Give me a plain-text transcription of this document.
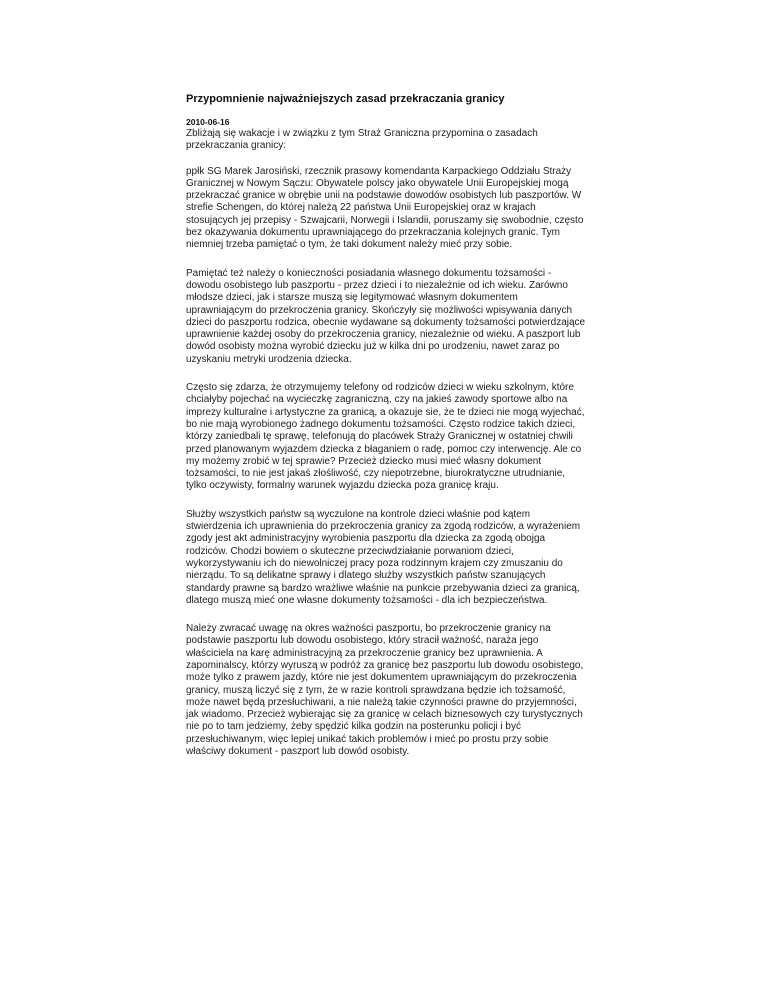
Przypomnienie najważniejszych zasad przekraczania granicy
2010-06-16

Zbliżają się wakacje i w związku z tym Straż Graniczna przypomina o zasadach przekraczania granicy:

ppłk SG Marek Jarosiński, rzecznik prasowy komendanta Karpackiego Oddziału Straży Granicznej w Nowym Sączu: Obywatele polscy jako obywatele Unii Europejskiej mogą przekraczać granice w obrębie unii na podstawie dowodów osobistych lub paszportów. W strefie Schengen, do której należą 22 państwa Unii Europejskiej oraz w krajach stosujących jej przepisy - Szwajcarii, Norwegii i Islandii, poruszamy się swobodnie, często bez okazywania dokumentu uprawniającego do przekraczania kolejnych granic. Tym niemniej trzeba pamiętać o tym, że taki dokument należy mieć przy sobie.

Pamiętać też należy o konieczności posiadania własnego dokumentu tożsamości - dowodu osobistego lub paszportu - przez dzieci i to niezależnie od ich wieku. Zarówno młodsze dzieci, jak i starsze muszą się legitymować własnym dokumentem uprawniającym do przekroczenia granicy. Skończyły się możliwości wpisywania danych dzieci do paszportu rodzica, obecnie wydawane są dokumenty tożsamości potwierdzające uprawnienie każdej osoby do przekroczenia granicy, niezależnie od wieku. A paszport lub dowód osobisty można wyrobić dziecku już w kilka dni po urodzeniu, nawet zaraz po uzyskaniu metryki urodzenia dziecka.

Często się zdarza, że otrzymujemy telefony od rodziców dzieci w wieku szkolnym, które chciałyby pojechać na wycieczkę zagraniczną, czy na jakieś zawody sportowe albo na imprezy kulturalne i artystyczne za granicą, a okazuje sie, że te dzieci nie mogą wyjechać, bo nie mają wyrobionego żadnego dokumentu tożsamości. Często rodzice takich dzieci, którzy zaniedbali tę sprawę, telefonują do placówek Straży Granicznej w ostatniej chwili przed planowanym wyjazdem dziecka z błaganiem o radę, pomoc czy interwencję. Ale co my możemy zrobić w tej sprawie? Przecież dziecko musi mieć własny dokument tożsamości, to nie jest jakaś złośliwość, czy niepotrzebne, biurokratyczne utrudnianie, tylko oczywisty, formalny warunek wyjazdu dziecka poza granicę kraju.

Służby wszystkich państw są wyczulone na kontrole dzieci właśnie pod kątem stwierdzenia ich uprawnienia do przekroczenia granicy za zgodą rodziców, a wyrażeniem zgody jest akt administracyjny wyrobienia paszportu dla dziecka za zgodą obojga rodziców. Chodzi bowiem o skuteczne przeciwdziałanie porwaniom dzieci, wykorzystywaniu ich do niewolniczej pracy poza rodzinnym krajem czy zmuszaniu do nierządu. To są delikatne sprawy i dlatego służby wszystkich państw szanujących standardy prawne są bardzo wrażliwe właśnie na punkcie przebywania dzieci za granicą, dlatego muszą mieć one własne dokumenty tożsamości - dla ich bezpieczeństwa.

Należy zwracać uwagę na okres ważności paszportu, bo przekroczenie granicy na podstawie paszportu lub dowodu osobistego, który stracił ważność, naraża jego właściciela na karę administracyjną za przekroczenie granicy bez uprawnienia. A zapominalscy, którzy wyruszą w podróż za granicę bez paszportu lub dowodu osobistego, może tylko z prawem jazdy, które nie jest dokumentem uprawniającym do przekroczenia granicy, muszą liczyć się z tym, że w razie kontroli sprawdzana będzie ich tożsamość, może nawet będą przesłuchiwani, a nie należą takie czynności prawne do przyjemności, jak wiadomo. Przecież wybierając się za granicę w celach biznesowych czy turystycznych nie po to tam jedziemy, żeby spędzić kilka godzin na posterunku policji i być przesłuchiwanym, więc lepiej unikać takich problemów i mieć po prostu przy sobie właściwy dokument - paszport lub dowód osobisty.
